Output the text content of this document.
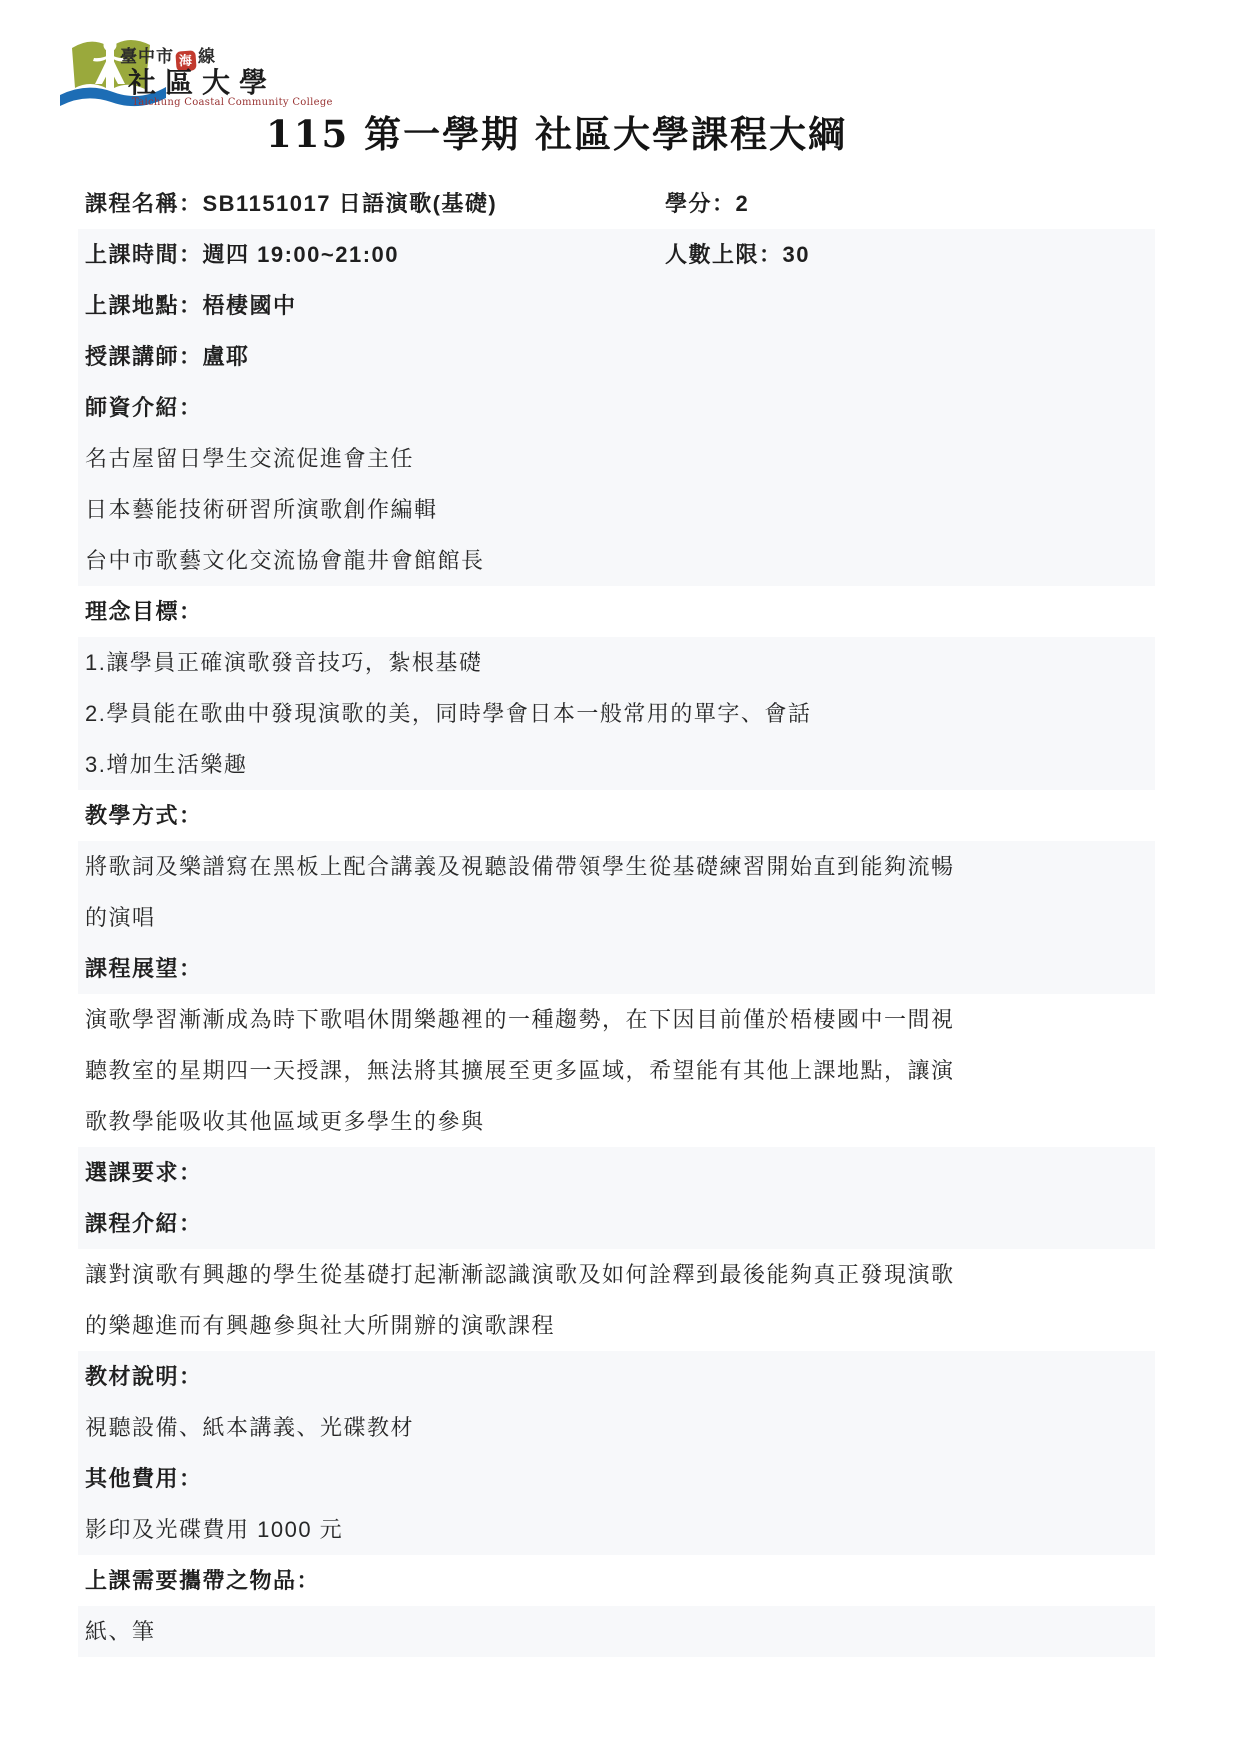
臺中市 海 線
社區大學
Taichung Coastal Community College
115 第一學期 社區大學課程大綱
課程名稱：SB1151017 日語演歌(基礎)	學分：2
上課時間：週四 19:00~21:00	人數上限：30
上課地點：梧棲國中
授課講師：盧耶
師資介紹：
名古屋留日學生交流促進會主任
日本藝能技術研習所演歌創作編輯
台中市歌藝文化交流協會龍井會館館長
理念目標：
1.讓學員正確演歌發音技巧，紮根基礎
2.學員能在歌曲中發現演歌的美，同時學會日本一般常用的單字、會話
3.增加生活樂趣
教學方式：
將歌詞及樂譜寫在黑板上配合講義及視聽設備帶領學生從基礎練習開始直到能夠流暢
的演唱
課程展望：
演歌學習漸漸成為時下歌唱休閒樂趣裡的一種趨勢，在下因目前僅於梧棲國中一間視
聽教室的星期四一天授課，無法將其擴展至更多區域，希望能有其他上課地點，讓演
歌教學能吸收其他區域更多學生的參與
選課要求：
課程介紹：
讓對演歌有興趣的學生從基礎打起漸漸認識演歌及如何詮釋到最後能夠真正發現演歌
的樂趣進而有興趣參與社大所開辦的演歌課程
教材說明：
視聽設備、紙本講義、光碟教材
其他費用：
影印及光碟費用 1000 元
上課需要攜帶之物品：
紙、筆
